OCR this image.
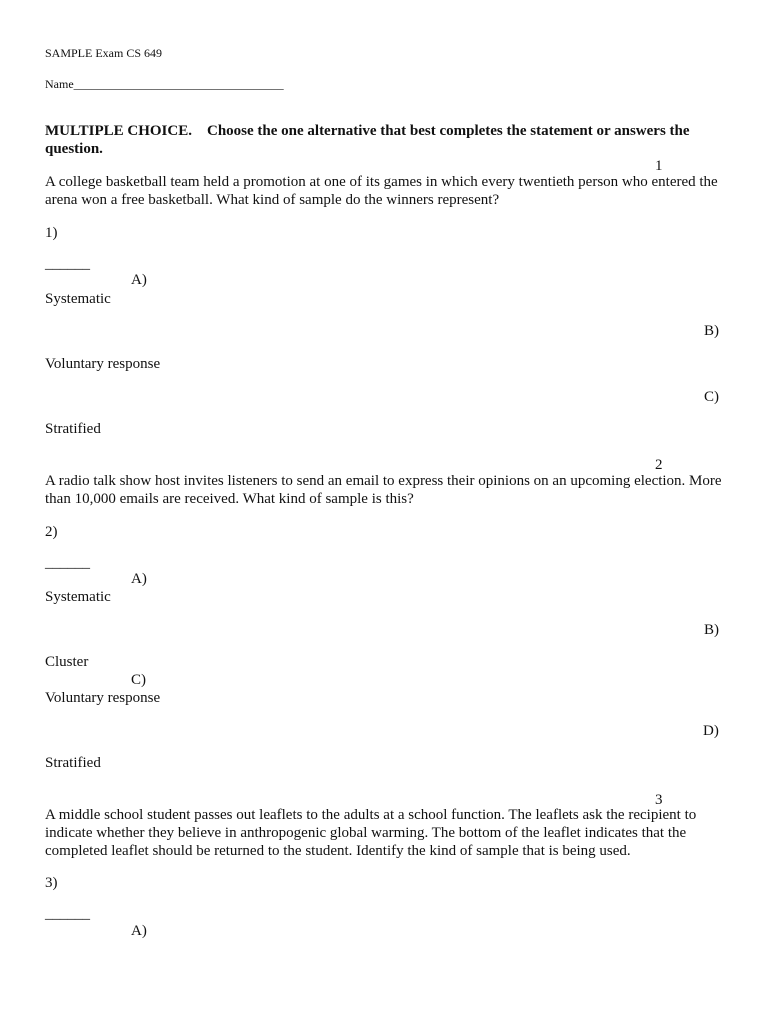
SAMPLE Exam CS 649
Name___________________________________
MULTIPLE CHOICE. Choose the one alternative that best completes the statement or answers the question.
1
A college basketball team held a promotion at one of its games in which every twentieth person who entered the arena won a free basketball. What kind of sample do the winners represent?
1)
______
A)
Systematic
B)
Voluntary response
C)
Stratified
2
A radio talk show host invites listeners to send an email to express their opinions on an upcoming election. More than 10,000 emails are received. What kind of sample is this?
2)
______
A)
Systematic
B)
Cluster
C)
Voluntary response
D)
Stratified
3
A middle school student passes out leaflets to the adults at a school function. The leaflets ask the recipient to indicate whether they believe in anthropogenic global warming. The bottom of the leaflet indicates that the completed leaflet should be returned to the student. Identify the kind of sample that is being used.
3)
______
A)
